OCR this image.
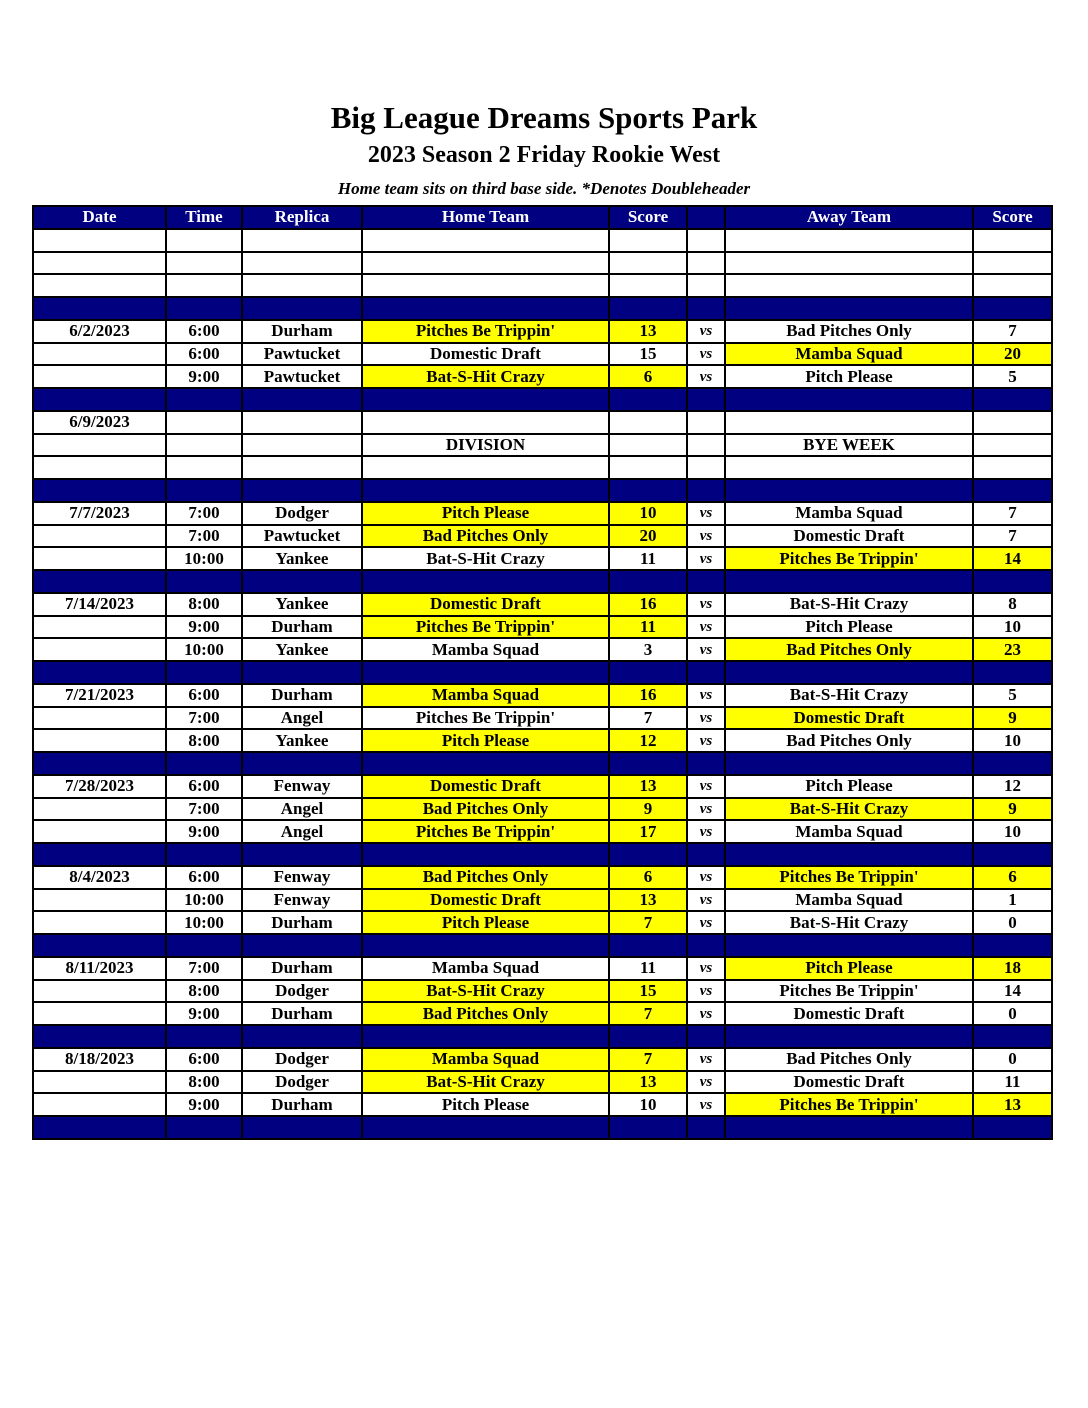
Big League Dreams Sports Park
2023 Season 2 Friday Rookie West
Home team sits on third base side. *Denotes Doubleheader
Date	Time	Replica	Home Team	Score		Away Team	Score

6/2/2023	6:00	Durham	Pitches Be Trippin'	13	vs	Bad Pitches Only	7
	6:00	Pawtucket	Domestic Draft	15	vs	Mamba Squad	20
	9:00	Pawtucket	Bat-S-Hit Crazy	6	vs	Pitch Please	5

6/9/2023							
			DIVISION			BYE WEEK	

7/7/2023	7:00	Dodger	Pitch Please	10	vs	Mamba Squad	7
	7:00	Pawtucket	Bad Pitches Only	20	vs	Domestic Draft	7
	10:00	Yankee	Bat-S-Hit Crazy	11	vs	Pitches Be Trippin'	14

7/14/2023	8:00	Yankee	Domestic Draft	16	vs	Bat-S-Hit Crazy	8
	9:00	Durham	Pitches Be Trippin'	11	vs	Pitch Please	10
	10:00	Yankee	Mamba Squad	3	vs	Bad Pitches Only	23

7/21/2023	6:00	Durham	Mamba Squad	16	vs	Bat-S-Hit Crazy	5
	7:00	Angel	Pitches Be Trippin'	7	vs	Domestic Draft	9
	8:00	Yankee	Pitch Please	12	vs	Bad Pitches Only	10

7/28/2023	6:00	Fenway	Domestic Draft	13	vs	Pitch Please	12
	7:00	Angel	Bad Pitches Only	9	vs	Bat-S-Hit Crazy	9
	9:00	Angel	Pitches Be Trippin'	17	vs	Mamba Squad	10

8/4/2023	6:00	Fenway	Bad Pitches Only	6	vs	Pitches Be Trippin'	6
	10:00	Fenway	Domestic Draft	13	vs	Mamba Squad	1
	10:00	Durham	Pitch Please	7	vs	Bat-S-Hit Crazy	0

8/11/2023	7:00	Durham	Mamba Squad	11	vs	Pitch Please	18
	8:00	Dodger	Bat-S-Hit Crazy	15	vs	Pitches Be Trippin'	14
	9:00	Durham	Bad Pitches Only	7	vs	Domestic Draft	0

8/18/2023	6:00	Dodger	Mamba Squad	7	vs	Bad Pitches Only	0
	8:00	Dodger	Bat-S-Hit Crazy	13	vs	Domestic Draft	11
	9:00	Durham	Pitch Please	10	vs	Pitches Be Trippin'	13
